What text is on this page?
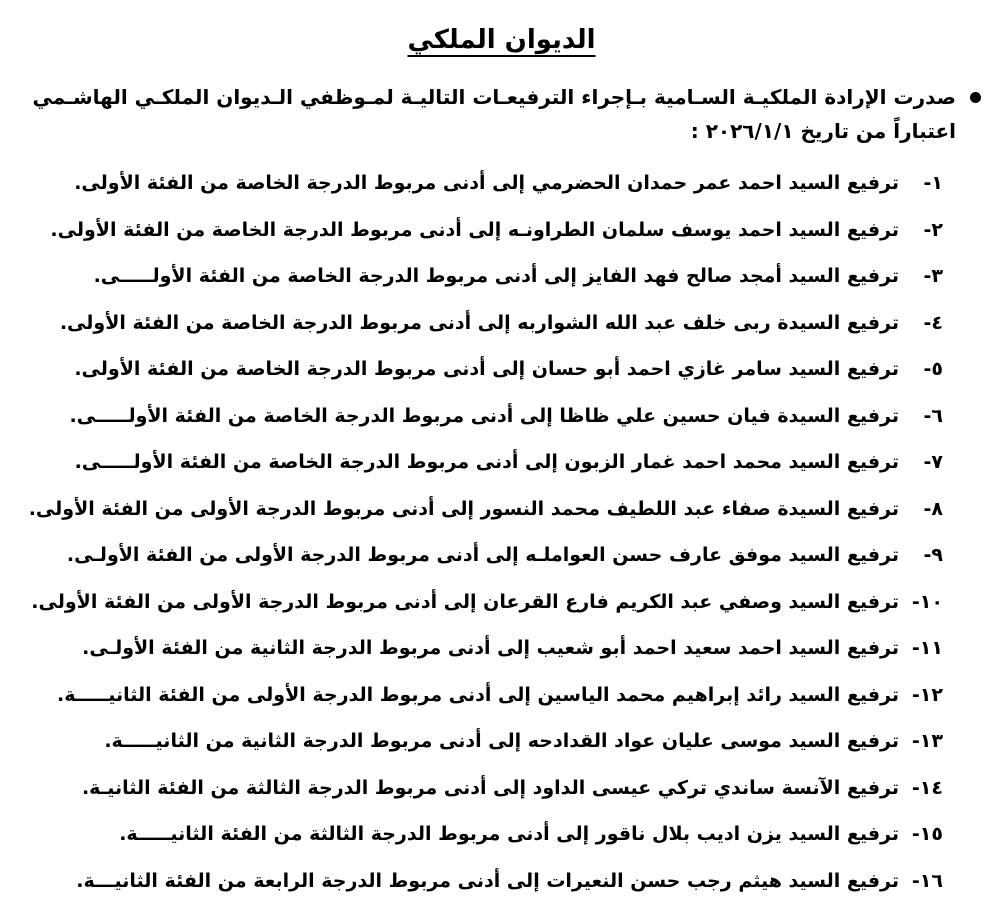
الديوان الملكي
صدرت الإرادة الملكيـة السـامية بـإجراء الترفيعـات التاليـة لمـوظفي الـديوان الملكـي الهاشـمي
اعتباراً من تاريخ ٢٠٢٦/١/١ :
١-
ترفيع السيد احمد عمر حمدان الحضرمي إلى أدنى مربوط الدرجة الخاصة من الفئة الأولى.
٢-
ترفيع السيد احمد يوسف سلمان الطراونـه إلى أدنى مربوط الدرجة الخاصة من الفئة الأولى.
٣-
ترفيع السيد أمجد صالح فهد الفايز إلى أدنى مربوط الدرجة الخاصة من الفئة الأولـــــى.
٤-
ترفيع السيدة ربى خلف عبد الله الشواربه إلى أدنى مربوط الدرجة الخاصة من الفئة الأولى.
٥-
ترفيع السيد سامر غازي احمد أبو حسان إلى أدنى مربوط الدرجة الخاصة من الفئة الأولى.
٦-
ترفيع السيدة فيان حسين علي ظاظا إلى أدنى مربوط الدرجة الخاصة من الفئة الأولـــــى.
٧-
ترفيع السيد محمد احمد غمار الزبون إلى أدنى مربوط الدرجة الخاصة من الفئة الأولـــــى.
٨-
ترفيع السيدة صفاء عبد اللطيف محمد النسور إلى أدنى مربوط الدرجة الأولى من الفئة الأولى.
٩-
ترفيع السيد موفق عارف حسن العواملـه إلى أدنى مربوط الدرجة الأولى من الفئة الأولـى.
١٠-
ترفيع السيد وصفي عبد الكريم فارع القرعان إلى أدنى مربوط الدرجة الأولى من الفئة الأولى.
١١-
ترفيع السيد احمد سعيد احمد أبو شعيب إلى أدنى مربوط الدرجة الثانية من الفئة الأولـى.
١٢-
ترفيع السيد رائد إبراهيم محمد الياسين إلى أدنى مربوط الدرجة الأولى من الفئة الثانيـــــة.
١٣-
ترفيع السيد موسى عليان عواد القدادحه إلى أدنى مربوط الدرجة الثانية من الثانيـــــة.
١٤-
ترفيع الآنسة ساندي تركي عيسى الداود إلى أدنى مربوط الدرجة الثالثة من الفئة الثانيـة.
١٥-
ترفيع السيد يزن اديب بلال ناقور إلى أدنى مربوط الدرجة الثالثة من الفئة الثانيـــــة.
١٦-
ترفيع السيد هيثم رجب حسن النعيرات إلى أدنى مربوط الدرجة الرابعة من الفئة الثانيـــة.
